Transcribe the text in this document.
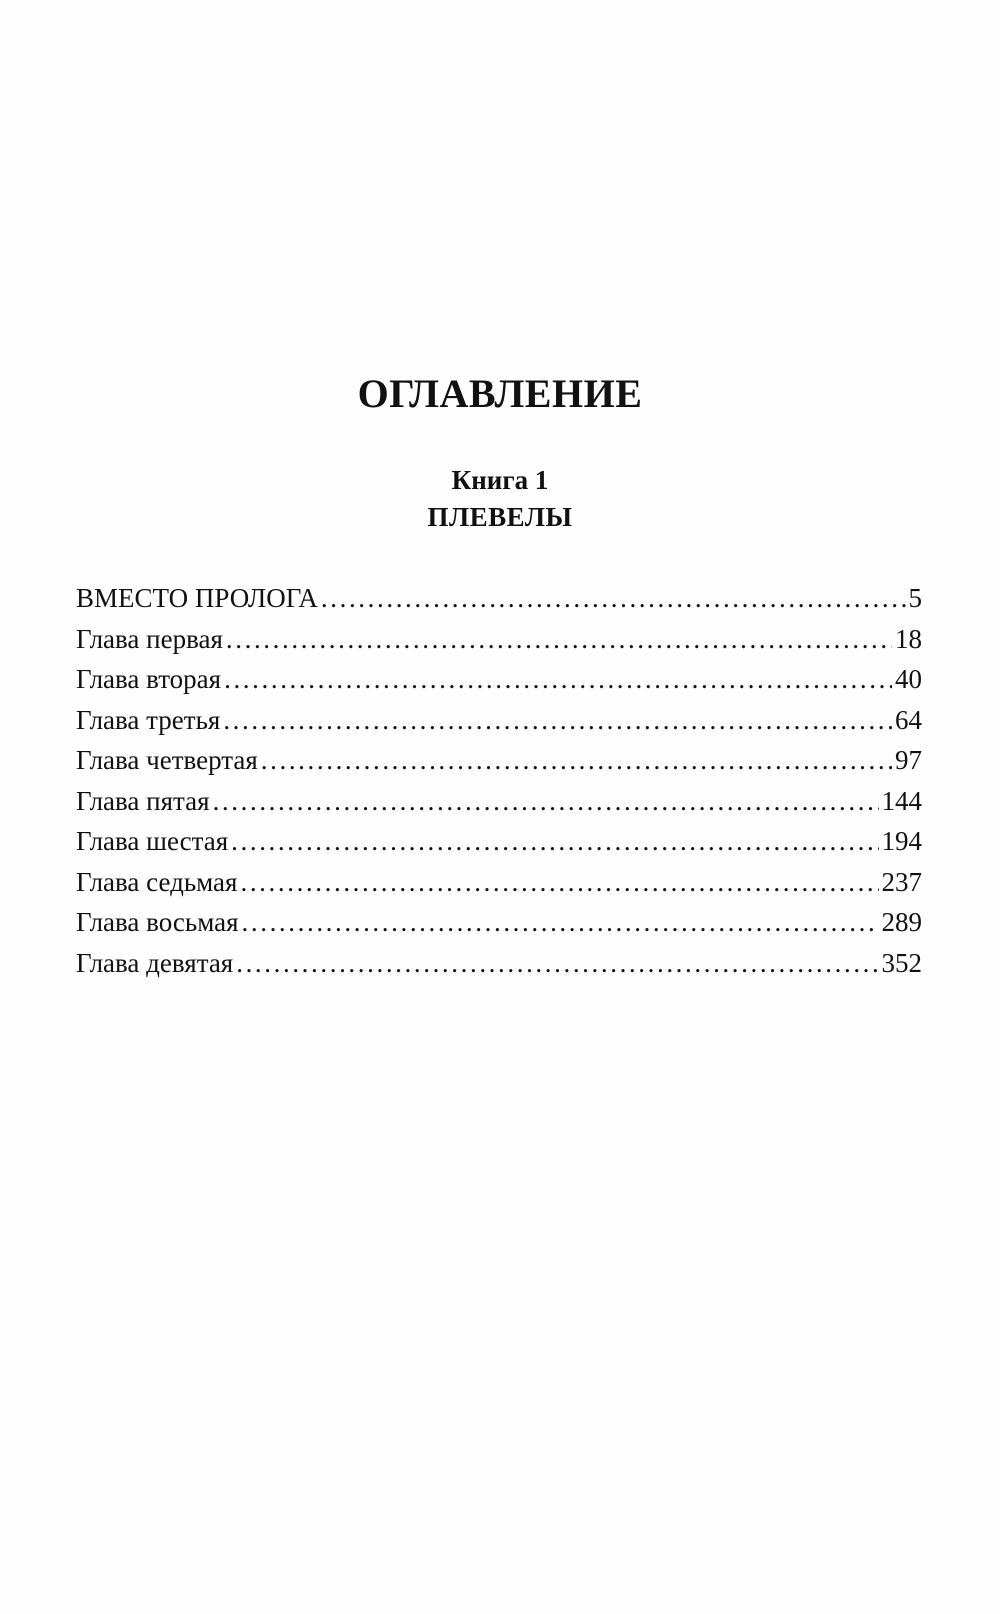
ОГЛАВЛЕНИЕ
Книга 1
ПЛЕВЕЛЫ
ВМЕСТО ПРОЛОГА .....	5
Глава первая .....	18
Глава вторая .....	40
Глава третья .....	64
Глава четвертая .....	97
Глава пятая .....	144
Глава шестая .....	194
Глава седьмая .....	237
Глава восьмая .....	289
Глава девятая .....	352
